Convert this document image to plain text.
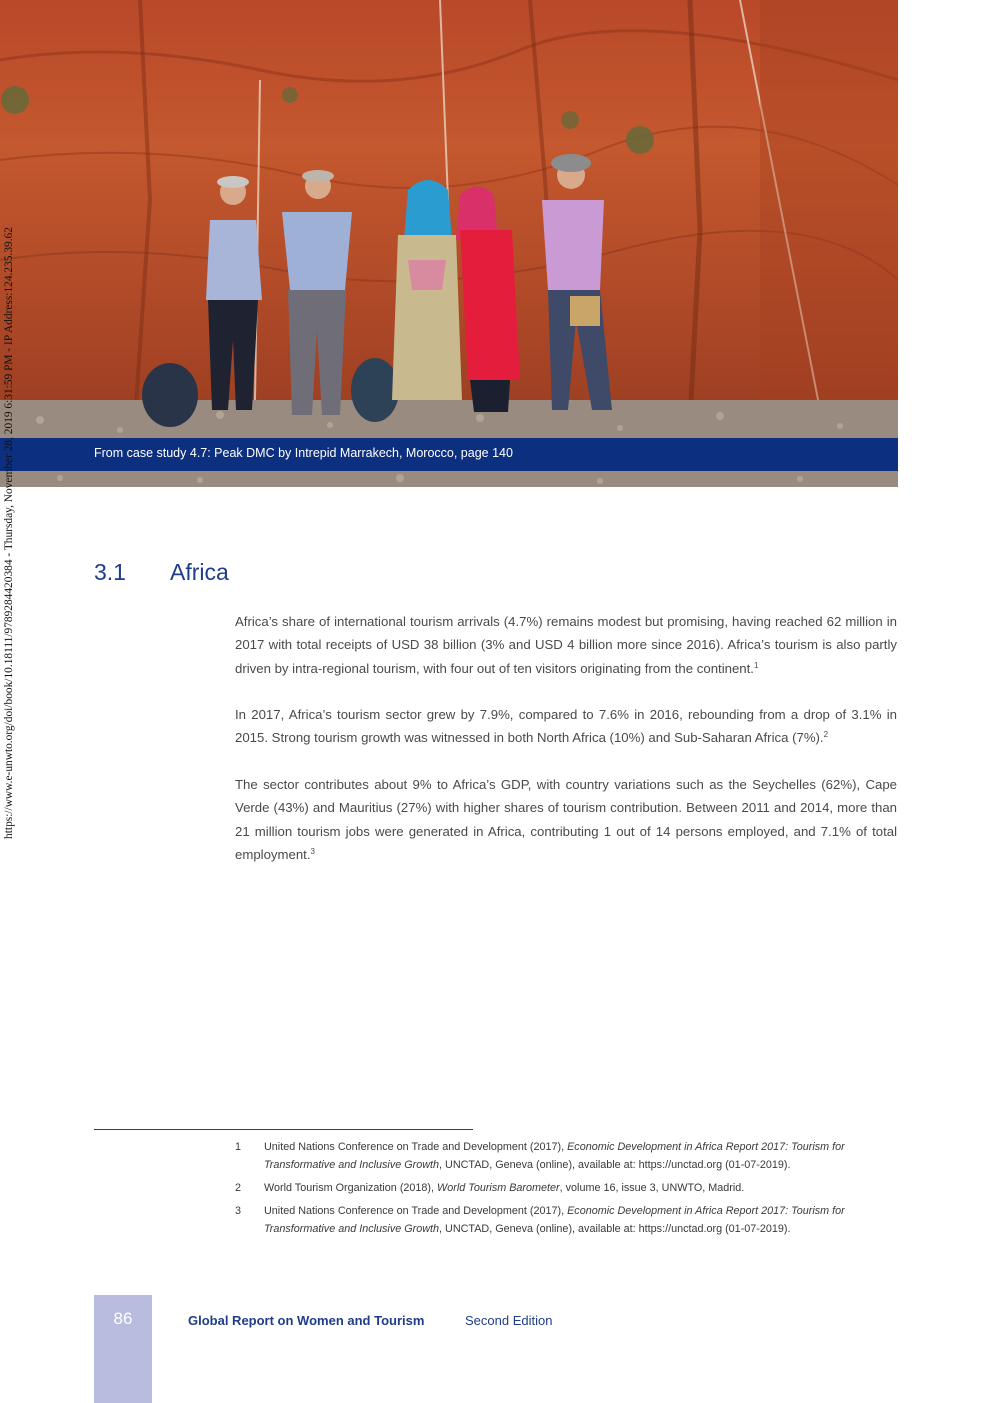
From case study 4.7: Peak DMC by Intrepid Marrakech, Morocco, page 140
https://www.e-unwto.org/doi/book/10.18111/9789284420384 - Thursday, November 28, 2019 6:31:59 PM - IP Address:124.235.39.62	3.1 Africa

Africa’s share of international tourism arrivals (4.7%) remains modest but promising, having reached 62 million in 2017 with total receipts of USD 38 billion (3% and USD 4 billion more since 2016). Africa’s tourism is also partly driven by intra-regional tourism, with four out of ten visitors originating from the continent.$^1$

In 2017, Africa’s tourism sector grew by 7.9%, compared to 7.6% in 2016, rebounding from a drop of 3.1% in 2015. Strong tourism growth was witnessed in both North Africa (10%) and Sub-Saharan Africa (7%).$^2$

The sector contributes about 9% to Africa’s GDP, with country variations such as the Seychelles (62%), Cape Verde (43%) and Mauritius (27%) with higher shares of tourism contribution. Between 2011 and 2014, more than 21 million tourism jobs were generated in Africa, contributing 1 out of 14 persons employed, and 7.1% of total employment.$^3$

1	United Nations Conference on Trade and Development (2017), Economic Development in Africa Report 2017: Tourism for Transformative and Inclusive Growth, UNCTAD, Geneva (online), available at: https://unctad.org (01-07-2019).
2	World Tourism Organization (2018), World Tourism Barometer, volume 16, issue 3, UNWTO, Madrid.
3	United Nations Conference on Trade and Development (2017), Economic Development in Africa Report 2017: Tourism for Transformative and Inclusive Growth, UNCTAD, Geneva (online), available at: https://unctad.org (01-07-2019).
86	Global Report on Women and Tourism	Second Edition
